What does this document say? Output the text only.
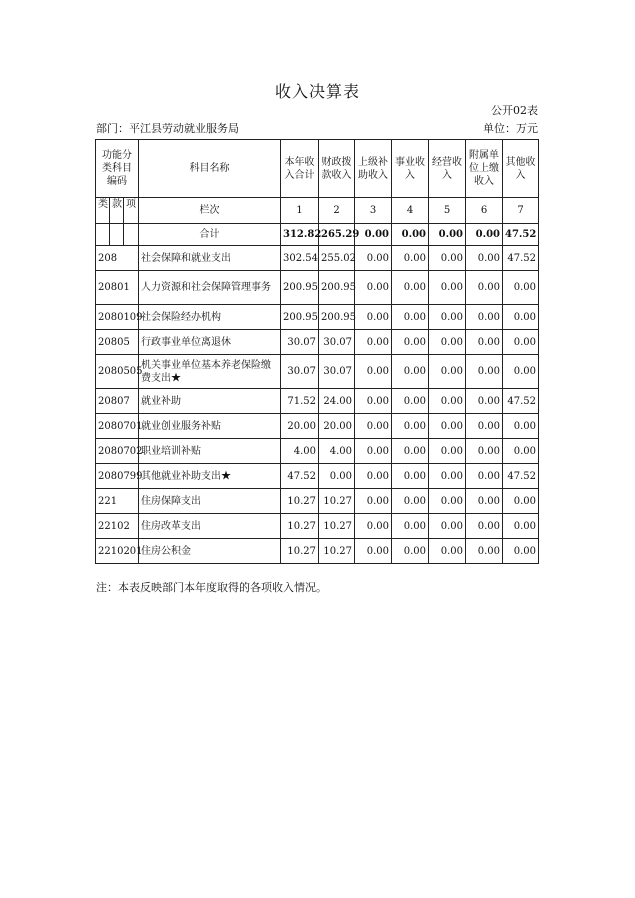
收入决算表
公开02表
部门：平江县劳动就业服务局	单位：万元
功能分类科目编码			科目名称	本年收入合计	财政拨款收入	上级补助收入	事业收入	经营收入	附属单位上缴收入	其他收入
类	款	项	栏次	1	2	3	4	5	6	7
			合计	312.82	265.29	0.00	0.00	0.00	0.00	47.52
208			社会保障和就业支出	302.54	255.02	0.00	0.00	0.00	0.00	47.52
20801			人力资源和社会保障管理事务	200.95	200.95	0.00	0.00	0.00	0.00	0.00
2080109			社会保险经办机构	200.95	200.95	0.00	0.00	0.00	0.00	0.00
20805			行政事业单位离退休	30.07	30.07	0.00	0.00	0.00	0.00	0.00
2080505			机关事业单位基本养老保险缴费支出★	30.07	30.07	0.00	0.00	0.00	0.00	0.00
20807			就业补助	71.52	24.00	0.00	0.00	0.00	0.00	47.52
2080701			就业创业服务补贴	20.00	20.00	0.00	0.00	0.00	0.00	0.00
2080702			职业培训补贴	4.00	4.00	0.00	0.00	0.00	0.00	0.00
2080799			其他就业补助支出★	47.52	0.00	0.00	0.00	0.00	0.00	47.52
221			住房保障支出	10.27	10.27	0.00	0.00	0.00	0.00	0.00
22102			住房改革支出	10.27	10.27	0.00	0.00	0.00	0.00	0.00
2210201			住房公积金	10.27	10.27	0.00	0.00	0.00	0.00	0.00
注：本表反映部门本年度取得的各项收入情况。
